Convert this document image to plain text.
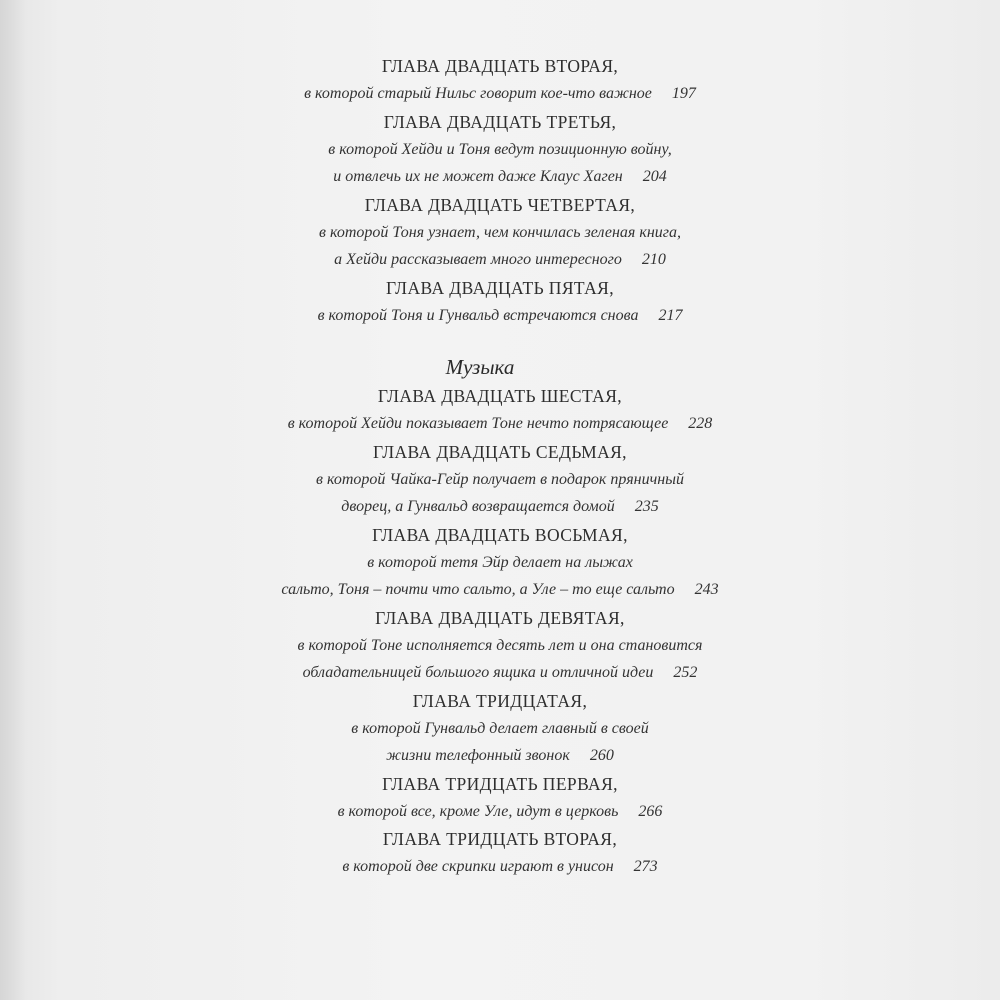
ГЛАВА ДВАДЦАТЬ ВТОРАЯ,
в которой старый Нильс говорит кое-что важное 197
ГЛАВА ДВАДЦАТЬ ТРЕТЬЯ,
в которой Хейди и Тоня ведут позиционную войну,
и отвлечь их не может даже Клаус Хаген 204
ГЛАВА ДВАДЦАТЬ ЧЕТВЕРТАЯ,
в которой Тоня узнает, чем кончилась зеленая книга,
а Хейди рассказывает много интересного 210
ГЛАВА ДВАДЦАТЬ ПЯТАЯ,
в которой Тоня и Гунвальд встречаются снова 217
Музыка
ГЛАВА ДВАДЦАТЬ ШЕСТАЯ,
в которой Хейди показывает Тоне нечто потрясающее 228
ГЛАВА ДВАДЦАТЬ СЕДЬМАЯ,
в которой Чайка-Гейр получает в подарок пряничный
дворец, а Гунвальд возвращается домой 235
ГЛАВА ДВАДЦАТЬ ВОСЬМАЯ,
в которой тетя Эйр делает на лыжах
сальто, Тоня – почти что сальто, а Уле – то еще сальто 243
ГЛАВА ДВАДЦАТЬ ДЕВЯТАЯ,
в которой Тоне исполняется десять лет и она становится
обладательницей большого ящика и отличной идеи 252
ГЛАВА ТРИДЦАТАЯ,
в которой Гунвальд делает главный в своей
жизни телефонный звонок 260
ГЛАВА ТРИДЦАТЬ ПЕРВАЯ,
в которой все, кроме Уле, идут в церковь 266
ГЛАВА ТРИДЦАТЬ ВТОРАЯ,
в которой две скрипки играют в унисон 273
